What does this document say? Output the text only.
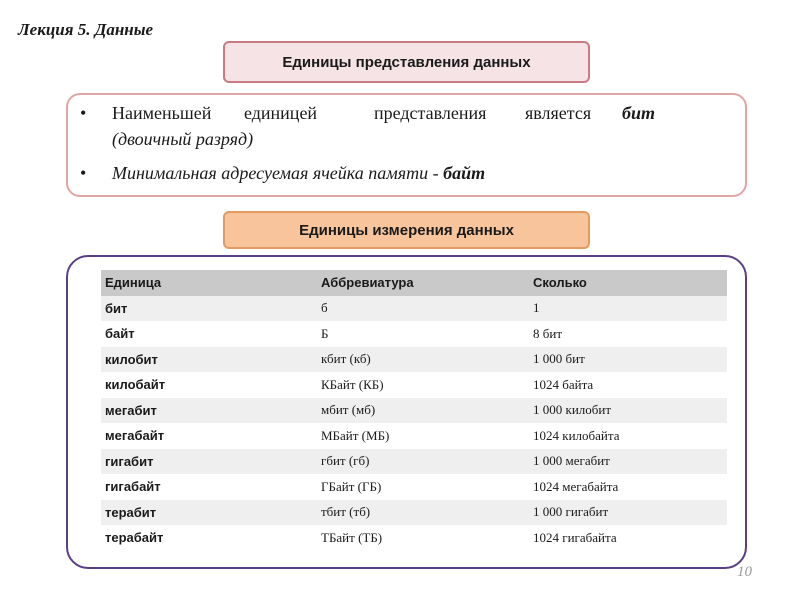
Лекция 5. Данные
Единицы представления данных
• Наименьшей единицей	представления является бит
(двоичный разряд)
• Минимальная адресуемая ячейка памяти - байт
Единицы измерения данных
Единица	Аббревиатура	Сколько
бит	б	1
байт	Б	8 бит
килобит	кбит (кб)	1 000 бит
килобайт	КБайт (КБ)	1024 байта
мегабит	мбит (мб)	1 000 килобит
мегабайт	МБайт (МБ)	1024 килобайта
гигабит	гбит (гб)	1 000 мегабит
гигабайт	ГБайт (ГБ)	1024 мегабайта
терабит	тбит (тб)	1 000 гигабит
терабайт	ТБайт (ТБ)	1024 гигабайта
10
